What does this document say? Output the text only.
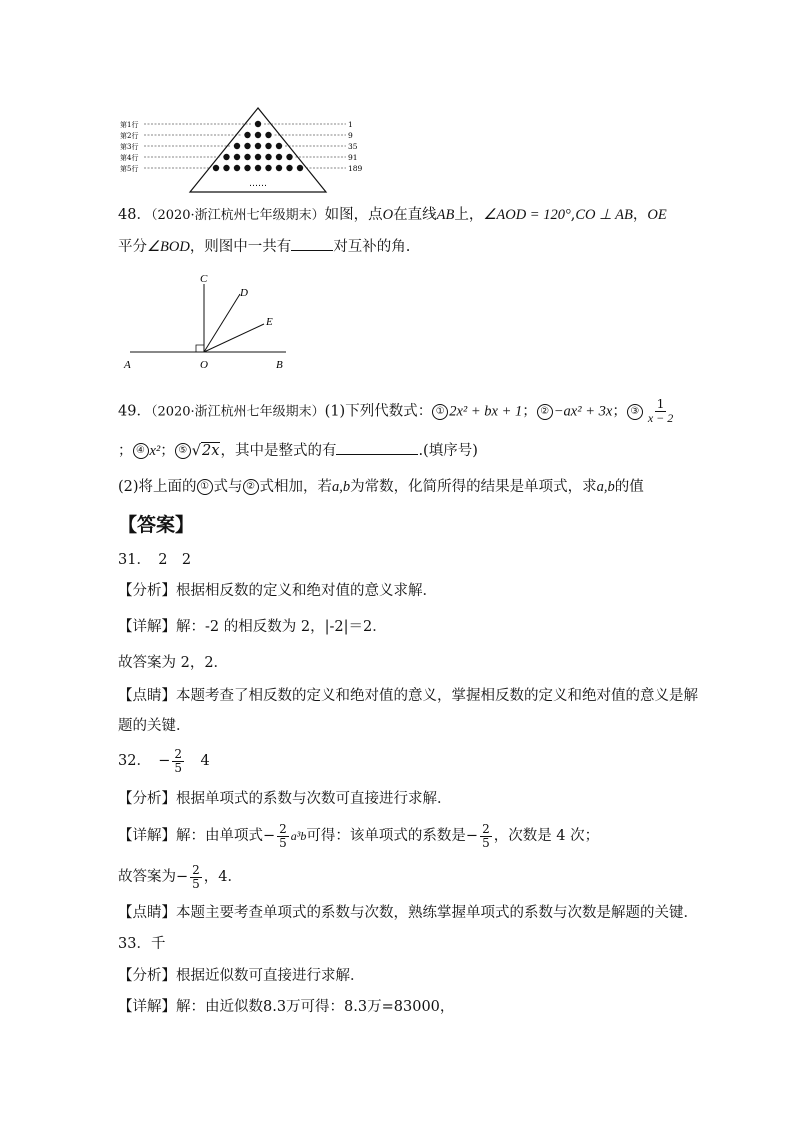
第1行	1
第2行	9
第3行	35
第4行	91
第5行	189
……
48．（2020·浙江杭州七年级期末）如图，点O在直线AB上，∠AOD = 120°,CO ⊥ AB，OE
平分∠BOD，则图中一共有	对互补的角.
A	O	B
C
D
E
49．（2020·浙江杭州七年级期末）(1)下列代数式： ① 2x² + bx + 1； ② −ax² + 3x； ③ $\frac{1}{x - 2}$
； ④ x²； ⑤ √2x，其中是整式的有	.(填序号)
(2)将上面的 ① 式与 ② 式相加，若a,b为常数，化简所得的结果是单项式，求a,b的值
【答案】
31．　 2　2
【分析】根据相反数的定义和绝对值的意义求解．
【详解】解：-2 的相反数为 2，|-2|＝2．
故答案为 2，2．
【点睛】本题考查了相反数的定义和绝对值的意义，掌握相反数的定义和绝对值的意义是解
题的关键．
32．　 − $\frac{2}{5}$
　 4
【分析】根据单项式的系数与次数可直接进行求解．
【详解】解：由单项式− $\frac{2}{5} a^3b$可得：该单项式的系数是− $\frac{2}{5}$ ，次数是 4 次；
故答案为− $\frac{2}{5}$ ，4．
【点睛】本题主要考查单项式的系数与次数，熟练掌握单项式的系数与次数是解题的关键．
33．千
【分析】根据近似数可直接进行求解．
【详解】解：由近似数8.3万可得：8.3万=83000，
